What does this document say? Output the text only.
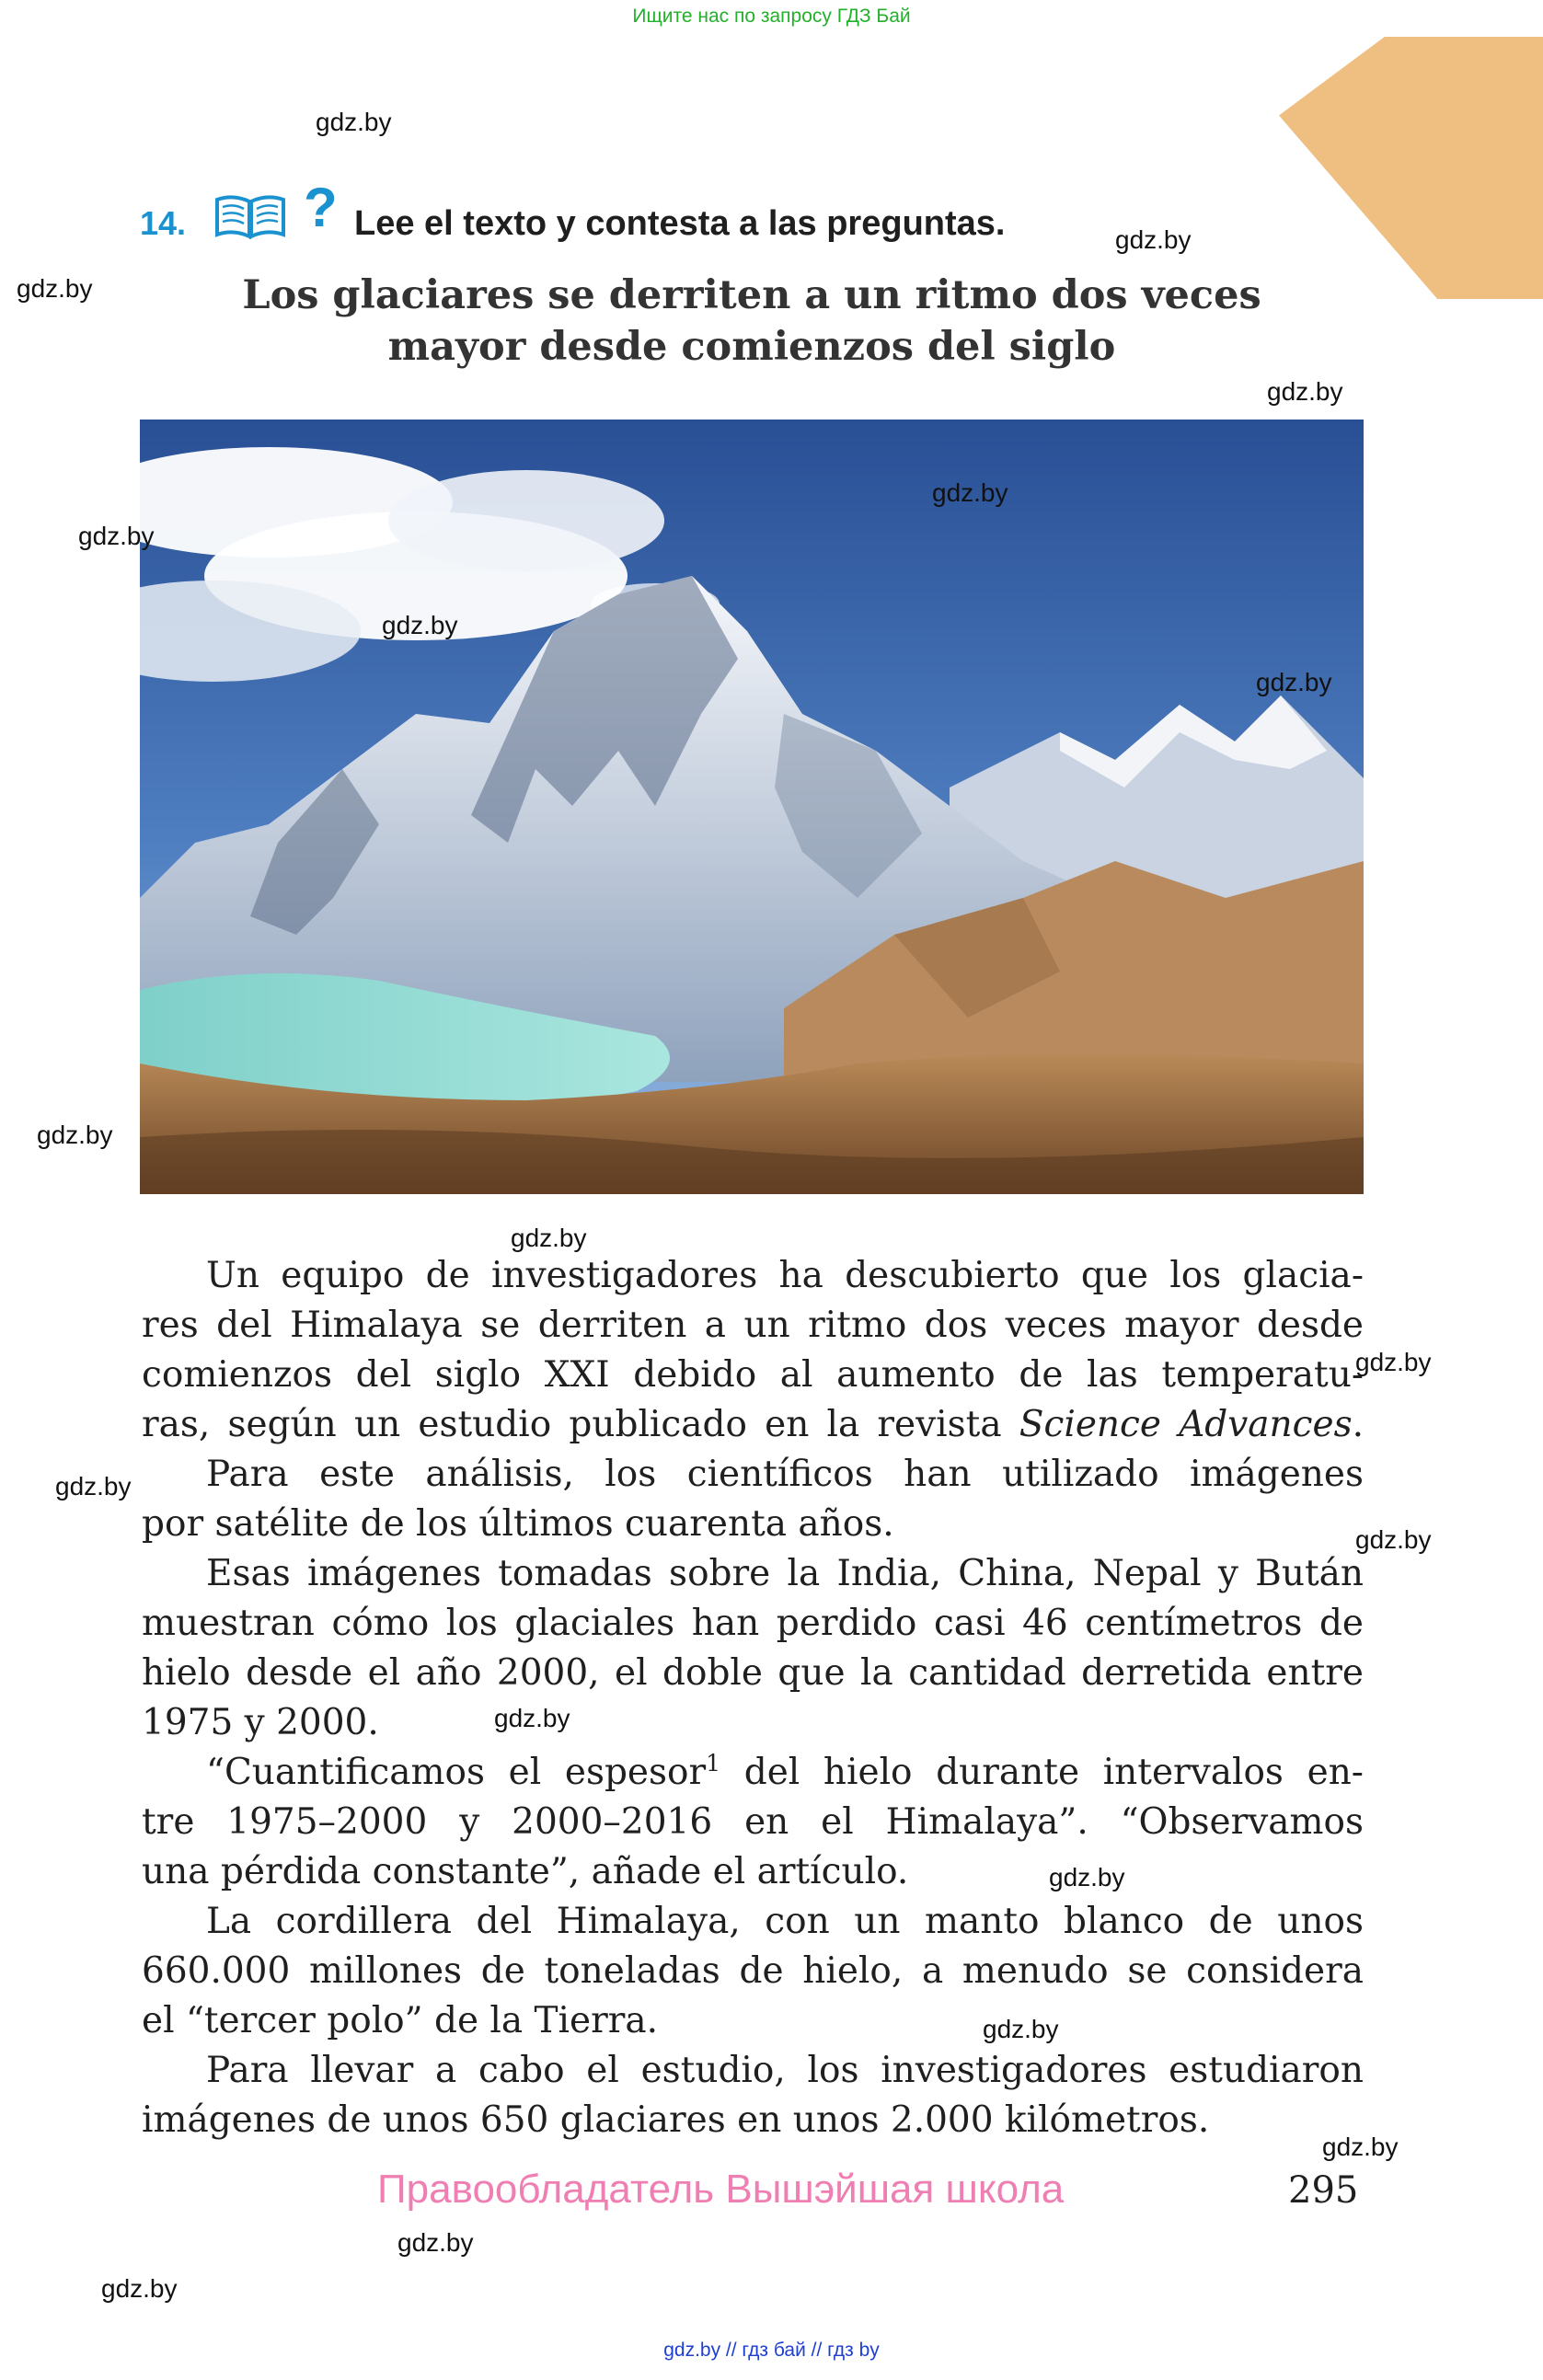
Ищите нас по запросу ГДЗ Бай
14. ? Lee el texto y contesta a las preguntas.
Los glaciares se derriten a un ritmo dos veces
mayor desde comienzos del siglo
Un equipo de investigadores ha descubierto que los glacia-
res del Himalaya se derriten a un ritmo dos veces mayor desde
comienzos del siglo XXI debido al aumento de las temperatu-
ras, según un estudio publicado en la revista Science Advances.
Para este análisis, los científicos han utilizado imágenes
por satélite de los últimos cuarenta años.
Esas imágenes tomadas sobre la India, China, Nepal y Bután
muestran cómo los glaciales han perdido casi 46 centímetros de
hielo desde el año 2000, el doble que la cantidad derretida entre
1975 y 2000.
“Cuantificamos el espesor$^1$ del hielo durante intervalos en-
tre 1975–2000 y 2000–2016 en el Himalaya”. “Observamos
una pérdida constante”, añade el artículo.
La cordillera del Himalaya, con un manto blanco de unos
660.000 millones de toneladas de hielo, a menudo se considera
el “tercer polo” de la Tierra.
Para llevar a cabo el estudio, los investigadores estudiaron
imágenes de unos 650 glaciares en unos 2.000 kilómetros.
gdz.by
gdz.by
gdz.by
gdz.by
gdz.by
gdz.by
gdz.by
gdz.by
gdz.by
gdz.by
gdz.by
gdz.by
gdz.by
gdz.by
gdz.by
gdz.by
gdz.by
gdz.by
gdz.by
Правообладатель Вышэйшая школа	295
gdz.by // гдз бай // гдз by
